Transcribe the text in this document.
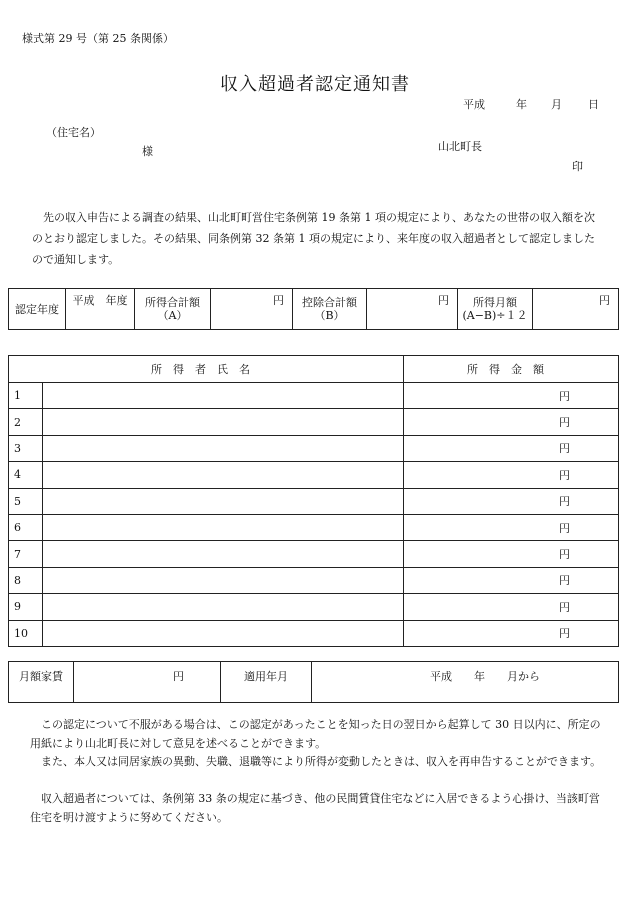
様式第 29 号（第 25 条関係）
収入超過者認定通知書
平成	年 月 日
（住宅名）
様	山北町長
印

先の収入申告による調査の結果、山北町町営住宅条例第 19 条第 1 項の規定により、あなたの世帯の収入額を次のとおり認定しました。その結果、同条例第 32 条第 1 項の規定により、来年度の収入超過者として認定しましたので通知します。

認定年度	平成　年度	所得合計額
（A）
	円	控除合計額
（B）
	円	所得月額
(A−B)÷１２
	円
所得者氏名		所得金額
1		円
2		円
3		円
4		円
5		円
6		円
7		円
8		円
9		円
10		円
月額家賃	円	適用年月	平成　　年　　月から

この認定について不服がある場合は、この認定があったことを知った日の翌日から起算して 30 日以内に、所定の用紙により山北町長に対して意見を述べることができます。

また、本人又は同居家族の異動、失職、退職等により所得が変動したときは、収入を再申告することができます。

収入超過者については、条例第 33 条の規定に基づき、他の民間賃貸住宅などに入居できるよう心掛け、当該町営住宅を明け渡すように努めてください。
